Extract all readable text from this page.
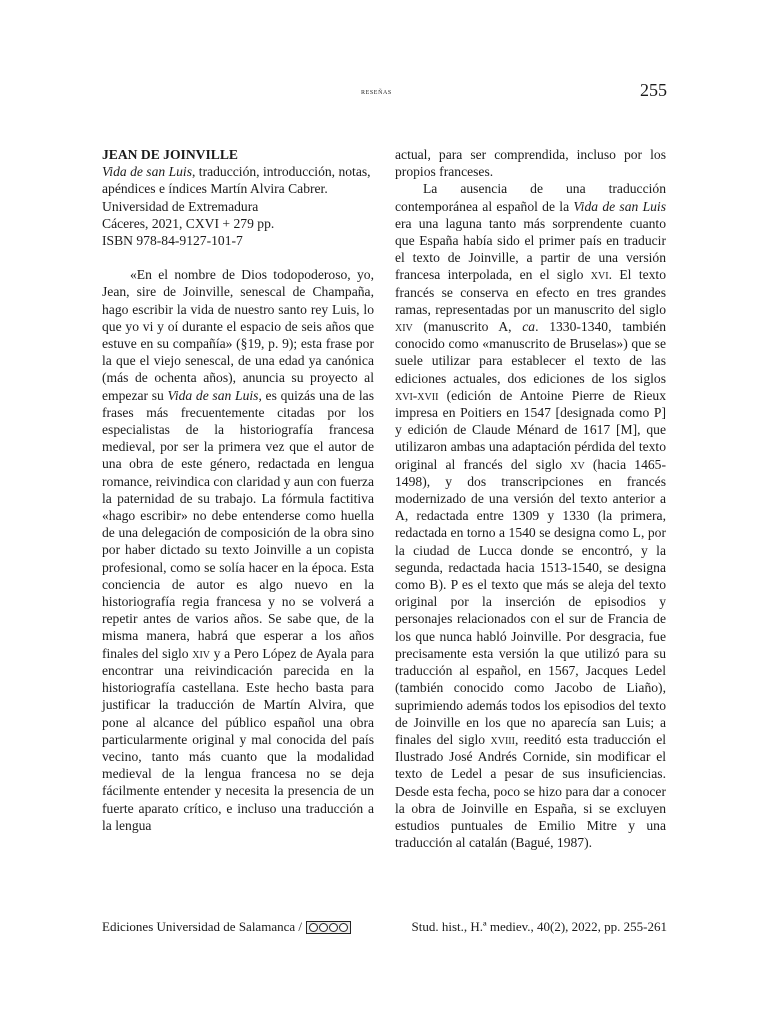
reseñas	255

JEAN DE JOINVILLE

Vida de san Luis, traducción, introducción, notas, apéndices e índices Martín Alvira Cabrer.

Universidad de Extremadura

Cáceres, 2021, CXVI + 279 pp.

ISBN 978-84-9127-101-7

«En el nombre de Dios todopoderoso, yo, Jean, sire de Joinville, senescal de Champaña, hago escribir la vida de nuestro santo rey Luis, lo que yo vi y oí durante el espacio de seis años que estuve en su compañía» (§19, p. 9); esta frase por la que el viejo senescal, de una edad ya canónica (más de ochenta años), anuncia su proyecto al empezar su Vida de san Luis, es quizás una de las frases más frecuentemente citadas por los especialistas de la historiografía francesa medieval, por ser la primera vez que el autor de una obra de este género, redactada en lengua romance, reivindica con claridad y aun con fuerza la paternidad de su trabajo. La fórmula factitiva «hago escribir» no debe entenderse como huella de una delegación de composición de la obra sino por haber dictado su texto Joinville a un copista profesional, como se solía hacer en la época. Esta conciencia de autor es algo nuevo en la historiografía regia francesa y no se volverá a repetir antes de varios años. Se sabe que, de la misma manera, habrá que esperar a los años finales del siglo xiv y a Pero López de Ayala para encontrar una reivindicación parecida en la historiografía castellana. Este hecho basta para justificar la traducción de Martín Alvira, que pone al alcance del público español una obra particularmente original y mal conocida del país vecino, tanto más cuanto que la modalidad medieval de la lengua francesa no se deja fácilmente entender y necesita la presencia de un fuerte aparato crítico, e incluso una traducción a la lengua

actual, para ser comprendida, incluso por los propios franceses.

La ausencia de una traducción contemporánea al español de la Vida de san Luis era una laguna tanto más sorprendente cuanto que España había sido el primer país en traducir el texto de Joinville, a partir de una versión francesa interpolada, en el siglo xvi. El texto francés se conserva en efecto en tres grandes ramas, representadas por un manuscrito del siglo xiv (manuscrito A, ca. 1330-1340, también conocido como «manuscrito de Bruselas») que se suele utilizar para establecer el texto de las ediciones actuales, dos ediciones de los siglos xvi-xvii (edición de Antoine Pierre de Rieux impresa en Poitiers en 1547 [designada como P] y edición de Claude Ménard de 1617 [M], que utilizaron ambas una adaptación pérdida del texto original al francés del siglo xv (hacia 1465-1498), y dos transcripciones en francés modernizado de una versión del texto anterior a A, redactada entre 1309 y 1330 (la primera, redactada en torno a 1540 se designa como L, por la ciudad de Lucca donde se encontró, y la segunda, redactada hacia 1513-1540, se designa como B). P es el texto que más se aleja del texto original por la inserción de episodios y personajes relacionados con el sur de Francia de los que nunca habló Joinville. Por desgracia, fue precisamente esta versión la que utilizó para su traducción al español, en 1567, Jacques Ledel (también conocido como Jacobo de Liaño), suprimiendo además todos los episodios del texto de Joinville en los que no aparecía san Luis; a finales del siglo xviii, reeditó esta traducción el Ilustrado José Andrés Cornide, sin modificar el texto de Ledel a pesar de sus insuficiencias. Desde esta fecha, poco se hizo para dar a conocer la obra de Joinville en España, si se excluyen estudios puntuales de Emilio Mitre y una traducción al catalán (Bagué, 1987).

Ediciones Universidad de Salamanca /	Stud. hist., H.ª mediev., 40(2), 2022, pp. 255-261
